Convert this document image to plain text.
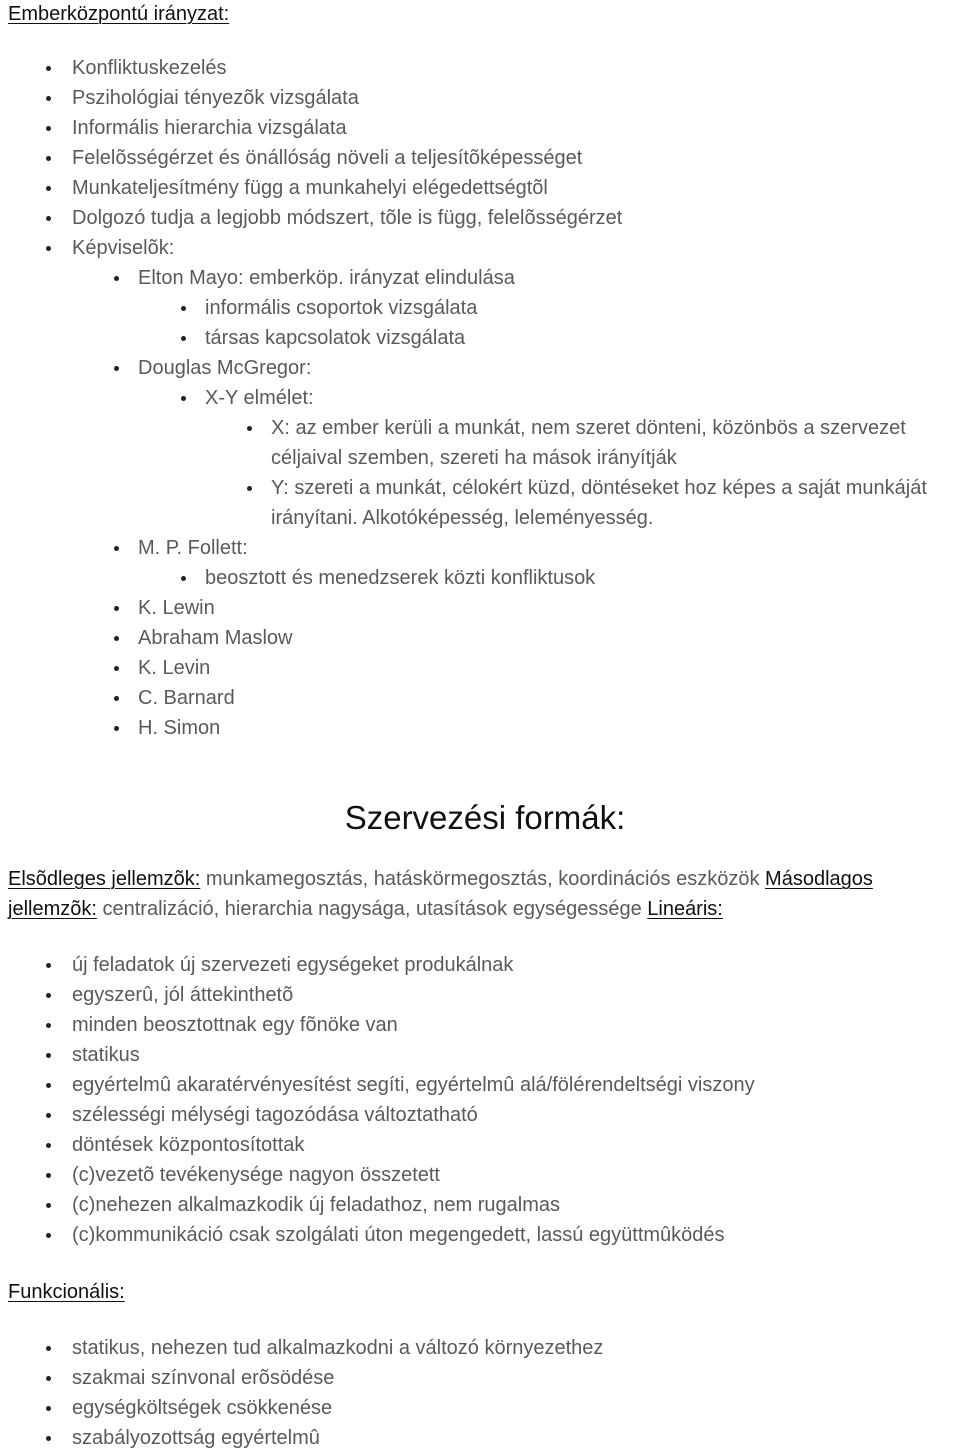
Emberközpontú irányzat:
Konfliktuskezelés
Pszihológiai tényezõk vizsgálata
Informális hierarchia vizsgálata
Felelõsségérzet és önállóság növeli a teljesítõképességet
Munkateljesítmény függ a munkahelyi elégedettségtõl
Dolgozó tudja a legjobb módszert, tõle is függ, felelõsségérzet
Képviselõk:
Elton Mayo: emberköp. irányzat elindulása
informális csoportok vizsgálata
társas kapcsolatok vizsgálata
Douglas McGregor:
X-Y elmélet:
X: az ember kerüli a munkát, nem szeret dönteni, közönbös a szervezet
céljaival szemben, szereti ha mások irányítják
Y: szereti a munkát, célokért küzd, döntéseket hoz képes a saját munkáját
irányítani. Alkotóképesség, leleményesség.
M. P. Follett:
beosztott és menedzserek közti konfliktusok
K. Lewin
Abraham Maslow
K. Levin
C. Barnard
H. Simon
Szervezési formák:
Elsõdleges jellemzõk: munkamegosztás, hatáskörmegosztás, koordinációs eszközök Másodlagos
jellemzõk: centralizáció, hierarchia nagysága, utasítások egységessége Lineáris:
új feladatok új szervezeti egységeket produkálnak
egyszerû, jól áttekinthetõ
minden beosztottnak egy fõnöke van
statikus
egyértelmû akaratérvényesítést segíti, egyértelmû alá/fölérendeltségi viszony
szélességi mélységi tagozódása változtatható
döntések központosítottak
(c)vezetõ tevékenysége nagyon összetett
(c)nehezen alkalmazkodik új feladathoz, nem rugalmas
(c)kommunikáció csak szolgálati úton megengedett, lassú együttmûködés
Funkcionális:
statikus, nehezen tud alkalmazkodni a változó környezethez
szakmai színvonal erõsödése
egységköltségek csökkenése
szabályozottság egyértelmû
